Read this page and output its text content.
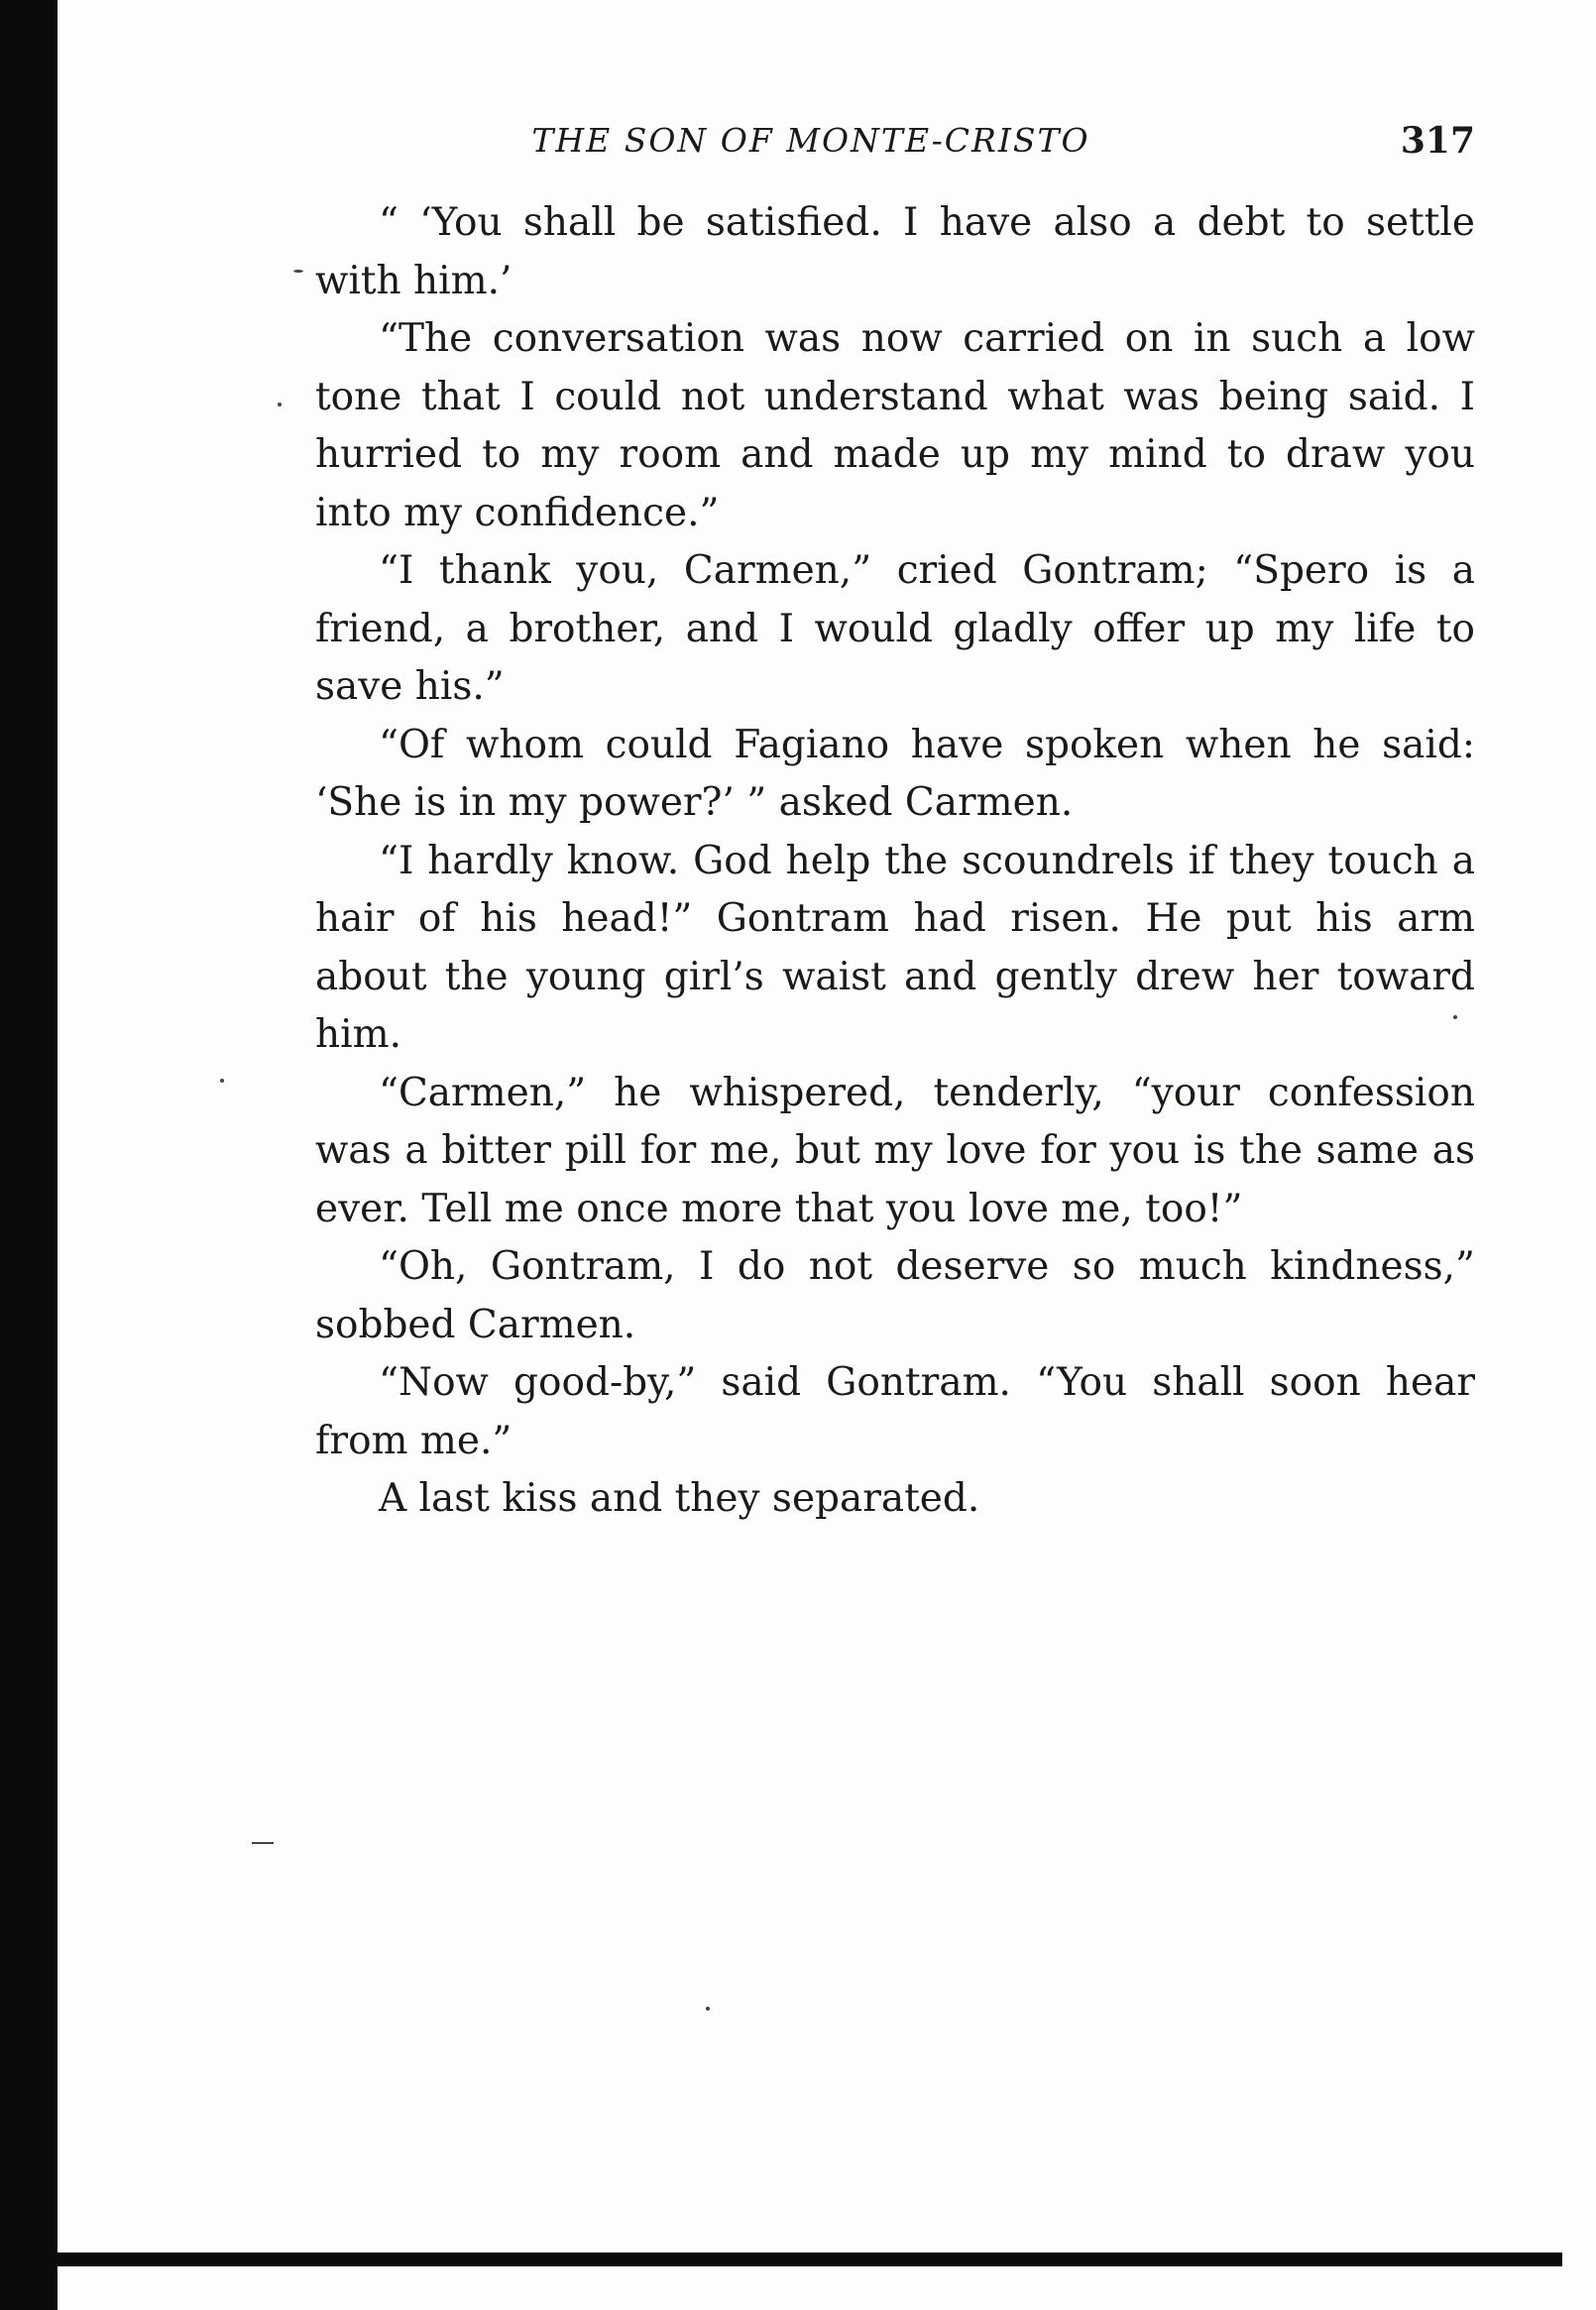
THE SON OF MONTE-CRISTO	317

“ ‘You shall be satisfied. I have also a debt to settle with him.’

“The conversation was now carried on in such a low tone that I could not understand what was being said. I hurried to my room and made up my mind to draw you into my confidence.”

“I thank you, Carmen,” cried Gontram; “Spero is a friend, a brother, and I would gladly offer up my life to save his.”

“Of whom could Fagiano have spoken when he said: ‘She is in my power?’ ” asked Carmen.

“I hardly know. God help the scoundrels if they touch a hair of his head!” Gontram had risen. He put his arm about the young girl’s waist and gently drew her toward him.

“Carmen,” he whispered, tenderly, “your confession was a bitter pill for me, but my love for you is the same as ever. Tell me once more that you love me, too!”

“Oh, Gontram, I do not deserve so much kindness,” sobbed Carmen.

“Now good-by,” said Gontram. “You shall soon hear from me.”

A last kiss and they separated.
